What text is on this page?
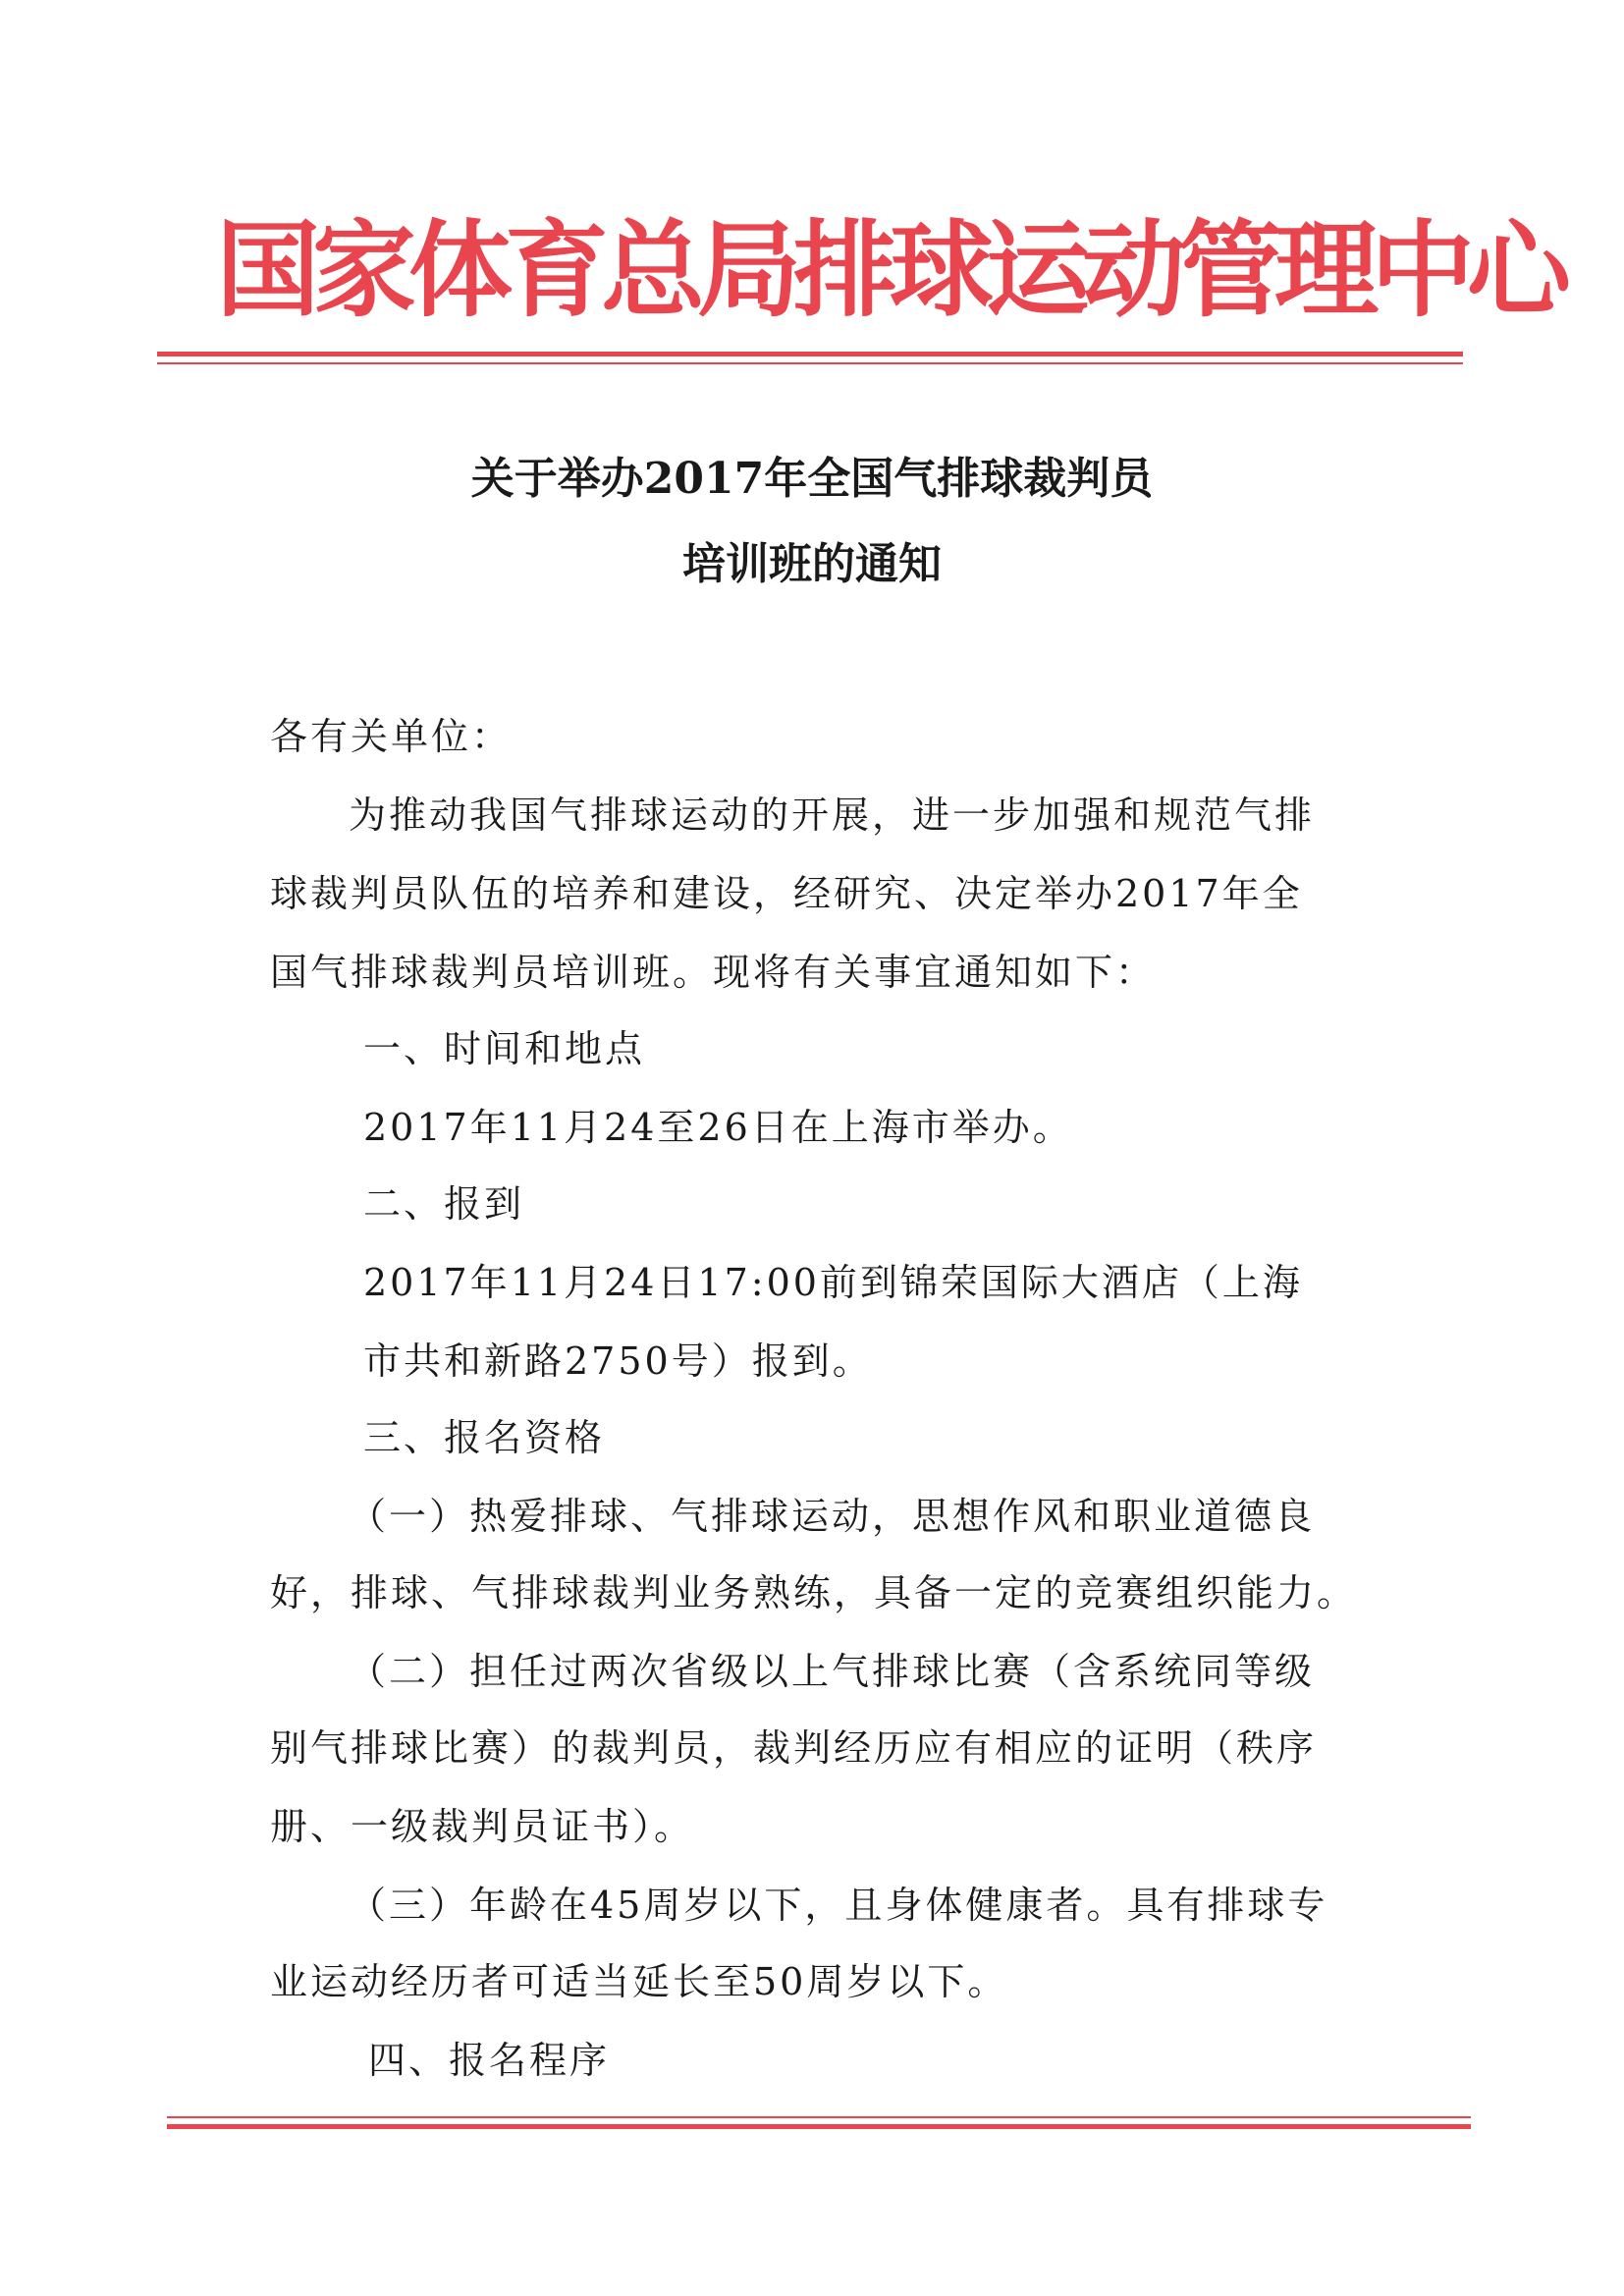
国家体育总局排球运动管理中心
关于举办2017年全国气排球裁判员
培训班的通知
各有关单位：
为推动我国气排球运动的开展，进一步加强和规范气排
球裁判员队伍的培养和建设，经研究、决定举办2017年全
国气排球裁判员培训班。现将有关事宜通知如下：
一、时间和地点
2017年11月24至26日在上海市举办。
二、报到
2017年11月24日17:00前到锦荣国际大酒店（上海
市共和新路2750号）报到。
三、报名资格
（一）热爱排球、气排球运动，思想作风和职业道德良
好，排球、气排球裁判业务熟练，具备一定的竞赛组织能力。
（二）担任过两次省级以上气排球比赛（含系统同等级
别气排球比赛）的裁判员，裁判经历应有相应的证明（秩序
册、一级裁判员证书）。
（三）年龄在45周岁以下，且身体健康者。具有排球专
业运动经历者可适当延长至50周岁以下。
四、报名程序
